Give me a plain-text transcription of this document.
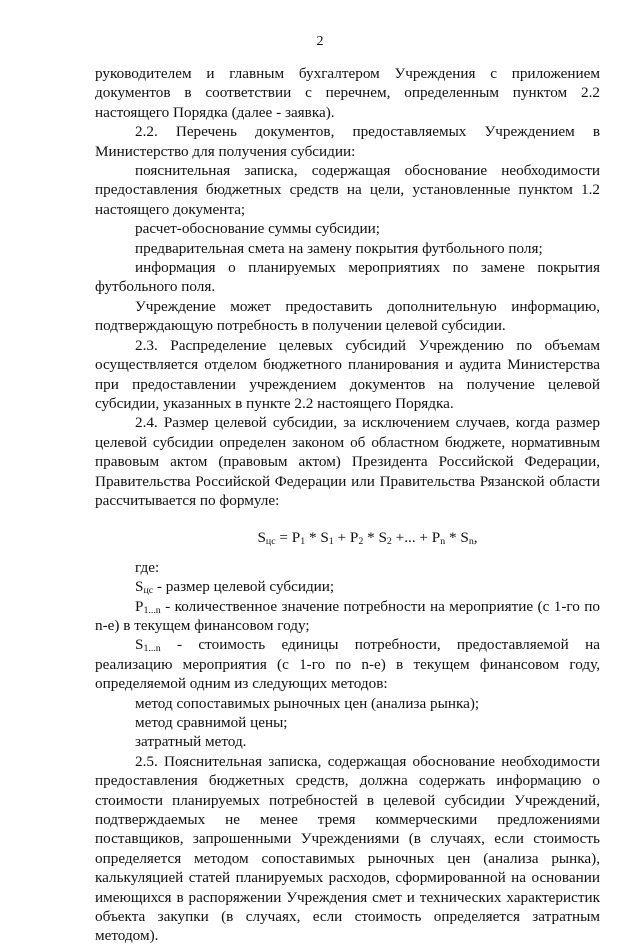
2

руководителем и главным бухгалтером Учреждения с приложением документов в соответствии с перечнем, определенным пунктом 2.2 настоящего Порядка (далее - заявка).

2.2. Перечень документов, предоставляемых Учреждением в Министерство для получения субсидии:

пояснительная записка, содержащая обоснование необходимости предоставления бюджетных средств на цели, установленные пунктом 1.2 настоящего документа;

расчет-обоснование суммы субсидии;

предварительная смета на замену покрытия футбольного поля;

информация о планируемых мероприятиях по замене покрытия футбольного поля.

Учреждение может предоставить дополнительную информацию, подтверждающую потребность в получении целевой субсидии.

2.3. Распределение целевых субсидий Учреждению по объемам осуществляется отделом бюджетного планирования и аудита Министерства при предоставлении учреждением документов на получение целевой субсидии, указанных в пункте 2.2 настоящего Порядка.

2.4. Размер целевой субсидии, за исключением случаев, когда размер целевой субсидии определен законом об областном бюджете, нормативным правовым актом (правовым актом) Президента Российской Федерации, Правительства Российской Федерации или Правительства Рязанской области рассчитывается по формуле:

$S_{цс} = P_1 * S_1 + P_2 * S_2$ +... + $P_n * S_n$,

где:

$S_{цс}$ - размер целевой субсидии;

$P_{1...n}$ - количественное значение потребности на мероприятие (с 1-го по n-е) в текущем финансовом году;

$S_{1...n}$ - стоимость единицы потребности, предоставляемой на реализацию мероприятия (с 1-го по n-е) в текущем финансовом году, определяемой одним из следующих методов:

метод сопоставимых рыночных цен (анализа рынка);

метод сравнимой цены;

затратный метод.

2.5. Пояснительная записка, содержащая обоснование необходимости предоставления бюджетных средств, должна содержать информацию о стоимости планируемых потребностей в целевой субсидии Учреждений, подтверждаемых не менее тремя коммерческими предложениями поставщиков, запрошенными Учреждениями (в случаях, если стоимость определяется методом сопоставимых рыночных цен (анализа рынка), калькуляцией статей планируемых расходов, сформированной на основании имеющихся в распоряжении Учреждения смет и технических характеристик объекта закупки (в случаях, если стоимость определяется затратным методом).
